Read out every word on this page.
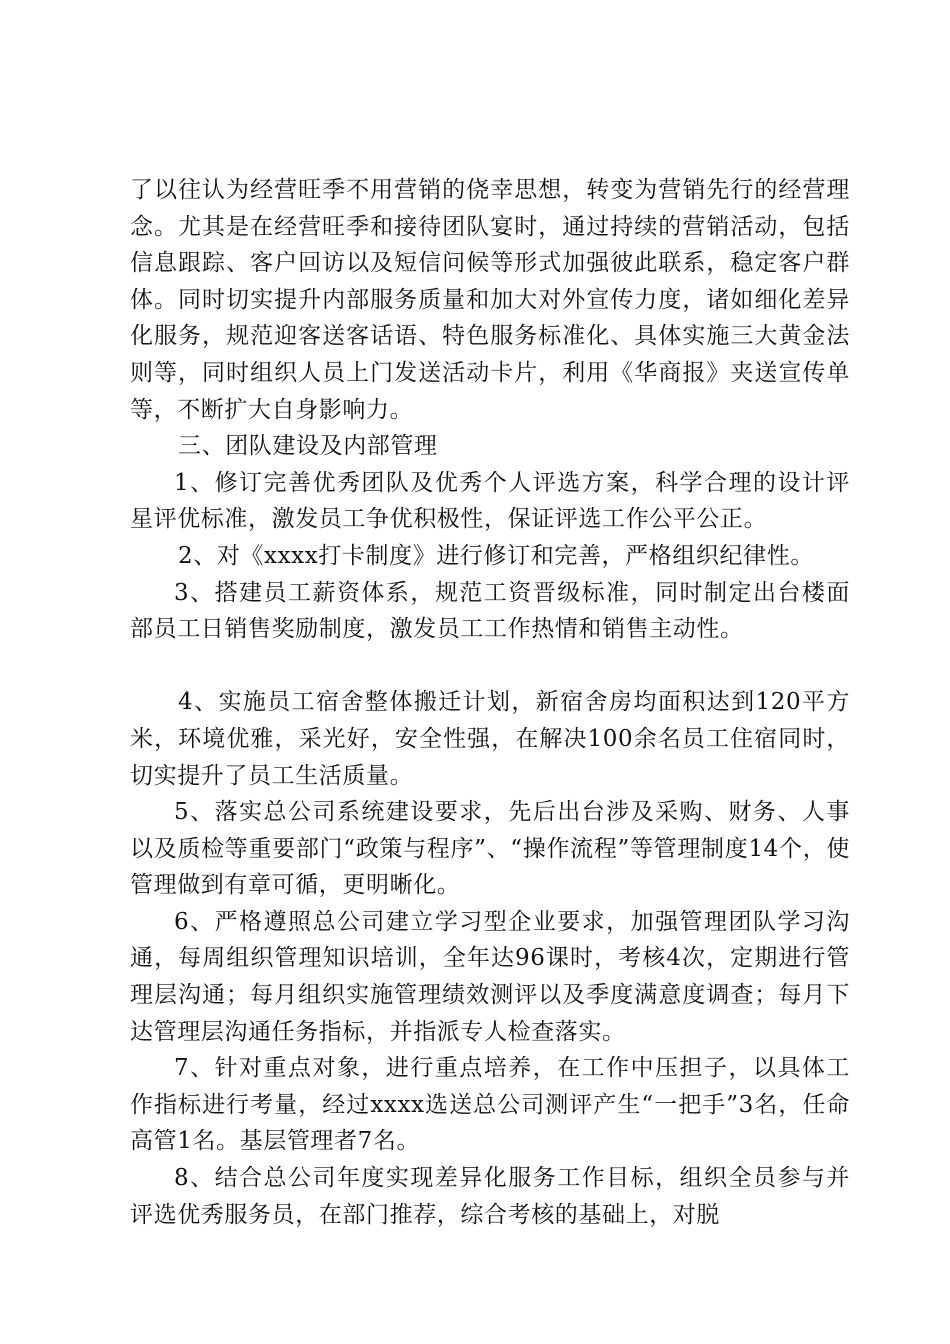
了以往认为经营旺季不用营销的侥幸思想，转变为营销先行的经营理念。尤其是在经营旺季和接待团队宴时，通过持续的营销活动，包括信息跟踪、客户回访以及短信问候等形式加强彼此联系，稳定客户群体。同时切实提升内部服务质量和加大对外宣传力度，诸如细化差异化服务，规范迎客送客话语、特色服务标准化、具体实施三大黄金法则等，同时组织人员上门发送活动卡片，利用《华商报》夹送宣传单等，不断扩大自身影响力。

三、团队建设及内部管理

1、修订完善优秀团队及优秀个人评选方案，科学合理的设计评星评优标准，激发员工争优积极性，保证评选工作公平公正。

2、对《xxxx打卡制度》进行修订和完善，严格组织纪律性。

3、搭建员工薪资体系，规范工资晋级标准，同时制定出台楼面部员工日销售奖励制度，激发员工工作热情和销售主动性。

4、实施员工宿舍整体搬迁计划，新宿舍房均面积达到120平方米，环境优雅，采光好，安全性强，在解决100余名员工住宿同时，切实提升了员工生活质量。

5、落实总公司系统建设要求，先后出台涉及采购、财务、人事以及质检等重要部门“政策与程序”、“操作流程”等管理制度14个，使管理做到有章可循，更明晰化。

6、严格遵照总公司建立学习型企业要求，加强管理团队学习沟通，每周组织管理知识培训，全年达96课时，考核4次，定期进行管理层沟通；每月组织实施管理绩效测评以及季度满意度调查；每月下达管理层沟通任务指标，并指派专人检查落实。

7、针对重点对象，进行重点培养，在工作中压担子，以具体工作指标进行考量，经过xxxx选送总公司测评产生“一把手”3名，任命高管1名。基层管理者7名。

8、结合总公司年度实现差异化服务工作目标，组织全员参与并评选优秀服务员，在部门推荐，综合考核的基础上，对脱
